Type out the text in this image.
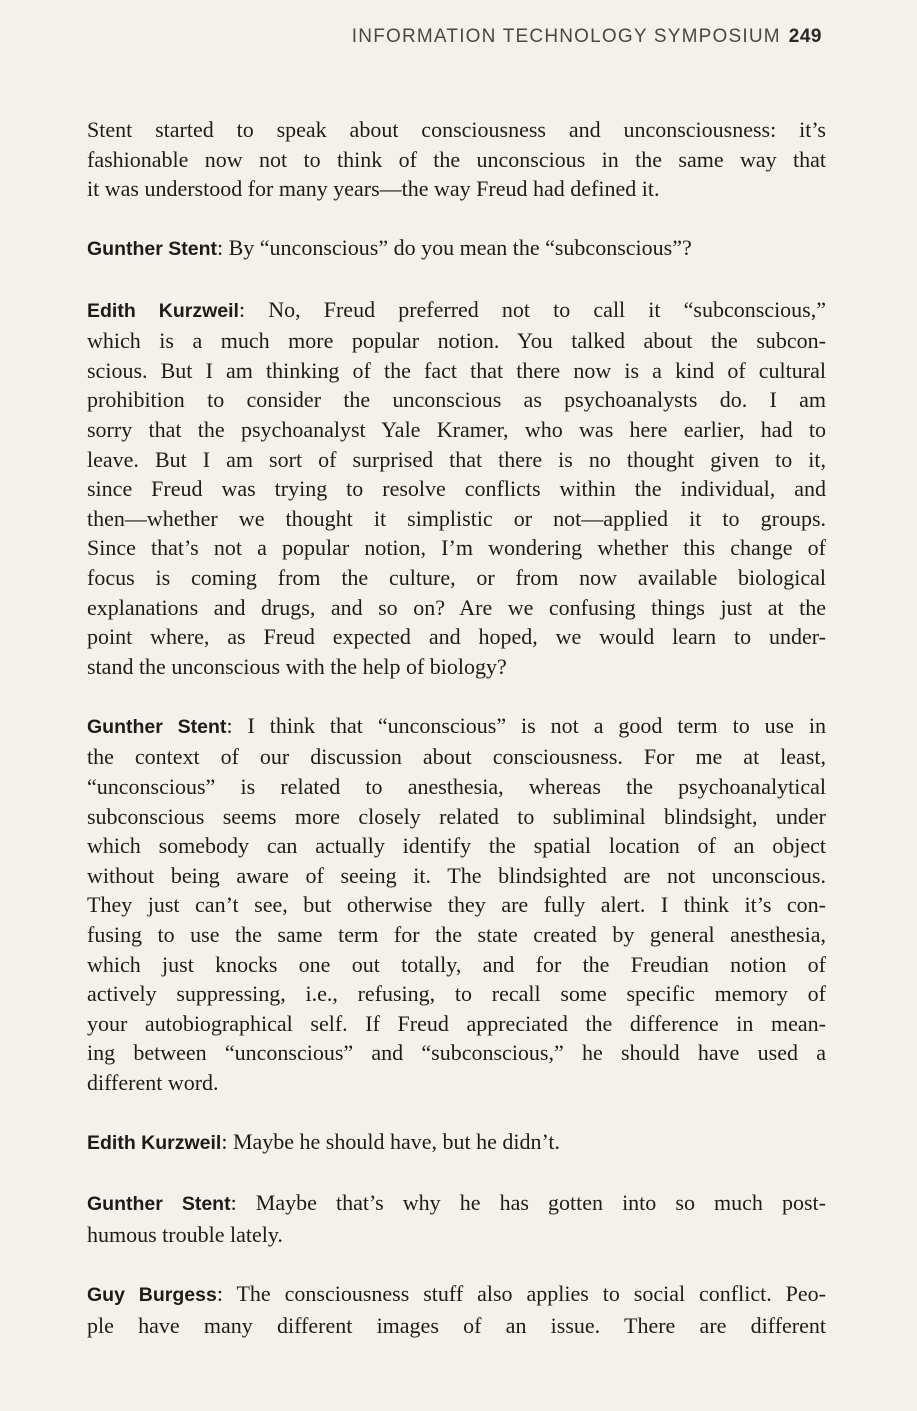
INFORMATION TECHNOLOGY SYMPOSIUM 249
Stent started to speak about consciousness and unconsciousness: it’s
fashionable now not to think of the unconscious in the same way that
it was understood for many years—the way Freud had defined it.
Gunther Stent: By “unconscious” do you mean the “subconscious”?
Edith Kurzweil: No, Freud preferred not to call it “subconscious,”
which is a much more popular notion. You talked about the subcon-
scious. But I am thinking of the fact that there now is a kind of cultural
prohibition to consider the unconscious as psychoanalysts do. I am
sorry that the psychoanalyst Yale Kramer, who was here earlier, had to
leave. But I am sort of surprised that there is no thought given to it,
since Freud was trying to resolve conflicts within the individual, and
then—whether we thought it simplistic or not—applied it to groups.
Since that’s not a popular notion, I’m wondering whether this change of
focus is coming from the culture, or from now available biological
explanations and drugs, and so on? Are we confusing things just at the
point where, as Freud expected and hoped, we would learn to under-
stand the unconscious with the help of biology?
Gunther Stent: I think that “unconscious” is not a good term to use in
the context of our discussion about consciousness. For me at least,
“unconscious” is related to anesthesia, whereas the psychoanalytical
subconscious seems more closely related to subliminal blindsight, under
which somebody can actually identify the spatial location of an object
without being aware of seeing it. The blindsighted are not unconscious.
They just can’t see, but otherwise they are fully alert. I think it’s con-
fusing to use the same term for the state created by general anesthesia,
which just knocks one out totally, and for the Freudian notion of
actively suppressing, i.e., refusing, to recall some specific memory of
your autobiographical self. If Freud appreciated the difference in mean-
ing between “unconscious” and “subconscious,” he should have used a
different word.
Edith Kurzweil: Maybe he should have, but he didn’t.
Gunther Stent: Maybe that’s why he has gotten into so much post-
humous trouble lately.
Guy Burgess: The consciousness stuff also applies to social conflict. Peo-
ple have many different images of an issue. There are different
